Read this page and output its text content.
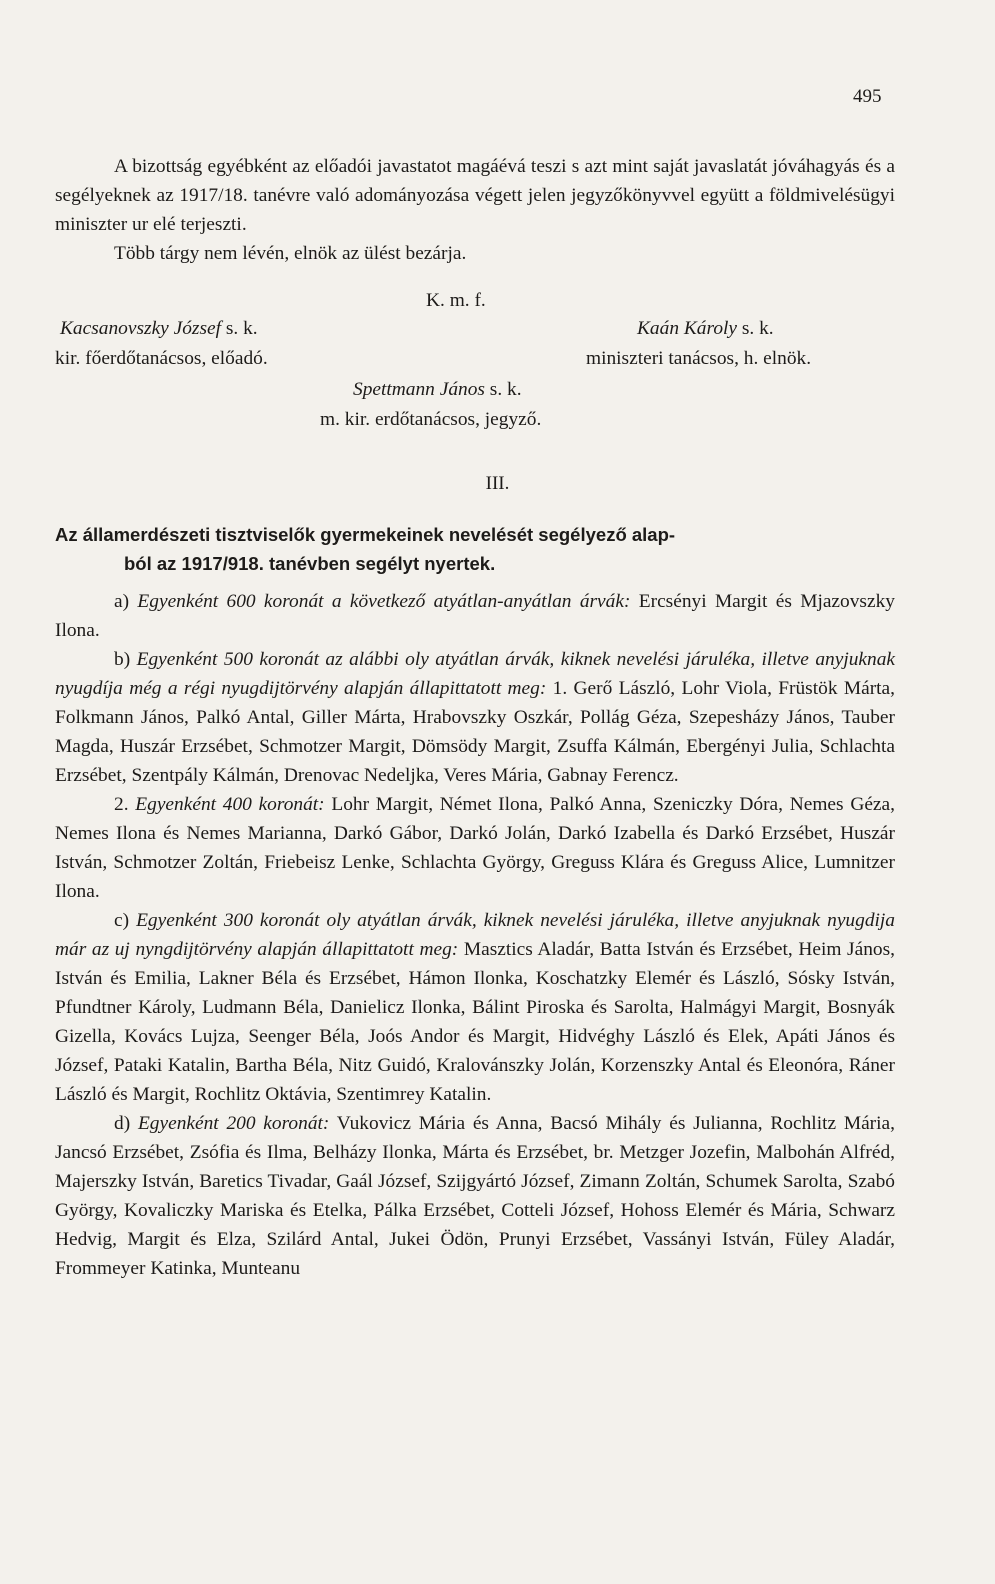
495

A bizottság egyébként az előadói javastatot magáévá teszi s azt mint saját javaslatát jóváhagyás és a segélyeknek az 1917/18. tanévre való adományozása végett jelen jegyzőkönyvvel együtt a földmivelésügyi miniszter ur elé terjeszti.

Több tárgy nem lévén, elnök az ülést bezárja.

K. m. f.
Kacsanovszky József s. k.
kir. főerdőtanácsos, előadó.
Kaán Károly s. k.
miniszteri tanácsos, h. elnök.
Spettmann János s. k.
m. kir. erdőtanácsos, jegyző.
III.
Az államerdészeti tisztviselők gyermekeinek nevelését segélyező alap-
ból az 1917/918. tanévben segélyt nyertek.

a) Egyenként 600 koronát a következő atyátlan-anyátlan árvák: Ercsényi Margit és Mjazovszky Ilona.

b) Egyenként 500 koronát az alábbi oly atyátlan árvák, kiknek nevelési járuléka, illetve anyjuknak nyugdíja még a régi nyugdijtörvény alapján állapittatott meg: 1. Gerő László, Lohr Viola, Früstök Márta, Folkmann János, Palkó Antal, Giller Márta, Hrabovszky Oszkár, Pollág Géza, Szepesházy János, Tauber Magda, Huszár Erzsébet, Schmotzer Margit, Dömsödy Margit, Zsuffa Kálmán, Ebergényi Julia, Schlachta Erzsébet, Szentpály Kálmán, Drenovac Nedeljka, Veres Mária, Gabnay Ferencz.

2. Egyenként 400 koronát: Lohr Margit, Német Ilona, Palkó Anna, Szeniczky Dóra, Nemes Géza, Nemes Ilona és Nemes Marianna, Darkó Gábor, Darkó Jolán, Darkó Izabella és Darkó Erzsébet, Huszár István, Schmotzer Zoltán, Friebeisz Lenke, Schlachta György, Greguss Klára és Greguss Alice, Lumnitzer Ilona.

c) Egyenként 300 koronát oly atyátlan árvák, kiknek nevelési járuléka, illetve anyjuknak nyugdija már az uj nyngdijtörvény alapján állapittatott meg: Masztics Aladár, Batta István és Erzsébet, Heim János, István és Emilia, Lakner Béla és Erzsébet, Hámon Ilonka, Koschatzky Elemér és László, Sósky István, Pfundtner Károly, Ludmann Béla, Danielicz Ilonka, Bálint Piroska és Sarolta, Halmágyi Margit, Bosnyák Gizella, Kovács Lujza, Seenger Béla, Joós Andor és Margit, Hidvéghy László és Elek, Apáti János és József, Pataki Katalin, Bartha Béla, Nitz Guidó, Kralovánszky Jolán, Korzenszky Antal és Eleonóra, Ráner László és Margit, Rochlitz Oktávia, Szentimrey Katalin.

d) Egyenként 200 koronát: Vukovicz Mária és Anna, Bacsó Mihály és Julianna, Rochlitz Mária, Jancsó Erzsébet, Zsófia és Ilma, Belházy Ilonka, Márta és Erzsébet, br. Metzger Jozefin, Malbohán Alfréd, Majerszky István, Baretics Tivadar, Gaál József, Szijgyártó József, Zimann Zoltán, Schumek Sarolta, Szabó György, Kovaliczky Mariska és Etelka, Pálka Erzsébet, Cotteli József, Hohoss Elemér és Mária, Schwarz Hedvig, Margit és Elza, Szilárd Antal, Jukei Ödön, Prunyi Erzsébet, Vassányi István, Füley Aladár, Frommeyer Katinka, Munteanu
